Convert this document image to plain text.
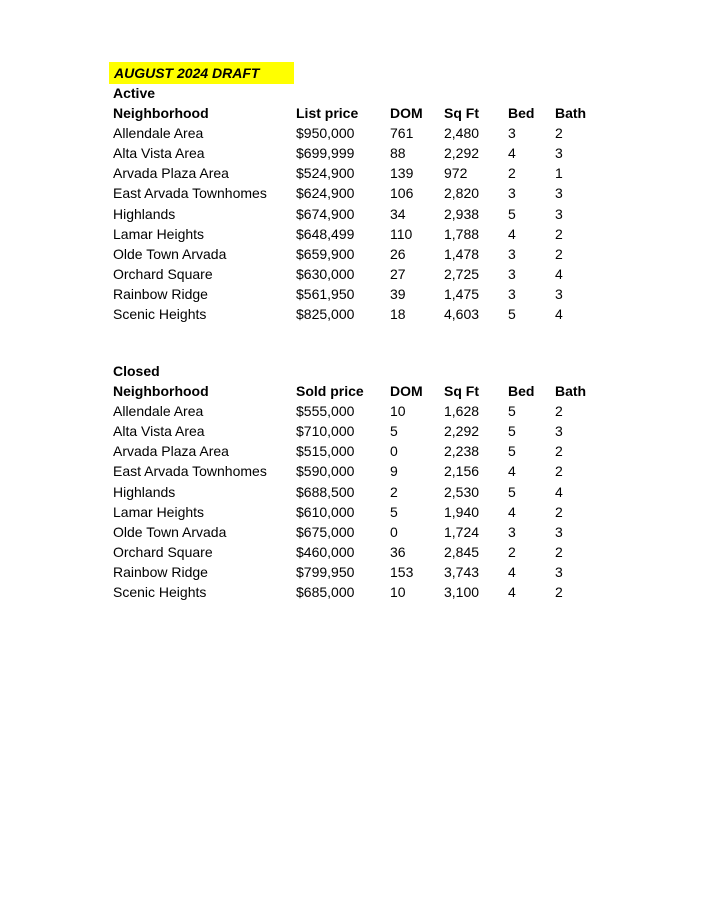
AUGUST 2024 DRAFT
Active
Neighborhood	List price	DOM	Sq Ft	Bed	Bath
Allendale Area	$950,000	761	2,480	3	2
Alta Vista Area	$699,999	88	2,292	4	3
Arvada Plaza Area	$524,900	139	972	2	1
East Arvada Townhomes	$624,900	106	2,820	3	3
Highlands	$674,900	34	2,938	5	3
Lamar Heights	$648,499	110	1,788	4	2
Olde Town Arvada	$659,900	26	1,478	3	2
Orchard Square	$630,000	27	2,725	3	4
Rainbow Ridge	$561,950	39	1,475	3	3
Scenic Heights	$825,000	18	4,603	5	4
Closed
Neighborhood	Sold price	DOM	Sq Ft	Bed	Bath
Allendale Area	$555,000	10	1,628	5	2
Alta Vista Area	$710,000	5	2,292	5	3
Arvada Plaza Area	$515,000	0	2,238	5	2
East Arvada Townhomes	$590,000	9	2,156	4	2
Highlands	$688,500	2	2,530	5	4
Lamar Heights	$610,000	5	1,940	4	2
Olde Town Arvada	$675,000	0	1,724	3	3
Orchard Square	$460,000	36	2,845	2	2
Rainbow Ridge	$799,950	153	3,743	4	3
Scenic Heights	$685,000	10	3,100	4	2
